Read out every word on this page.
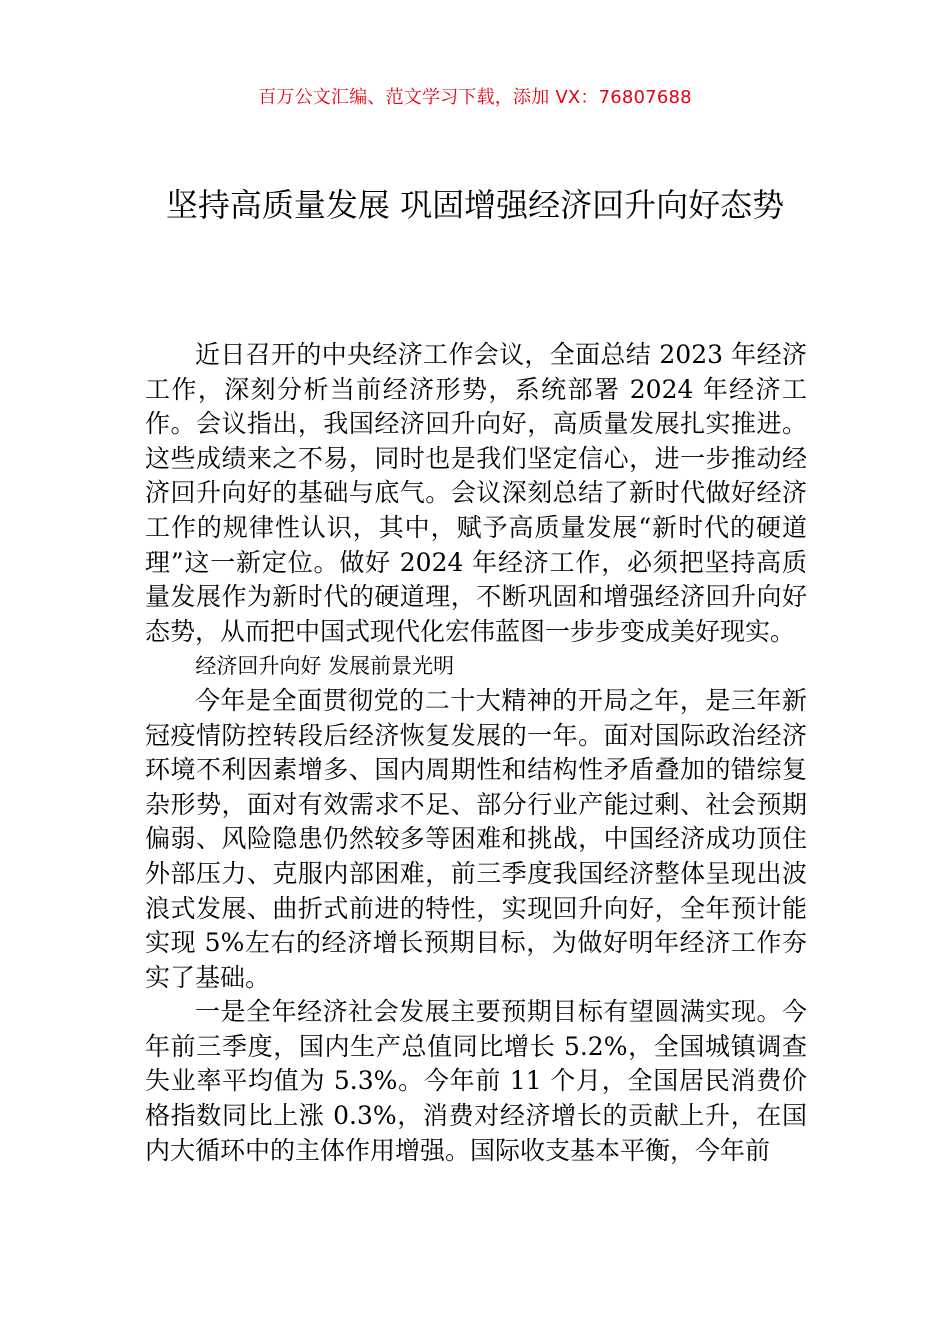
百万公文汇编、范文学习下载，添加 VX：76807688
坚持高质量发展 巩固增强经济回升向好态势

近日召开的中央经济工作会议，全面总结 2023 年经济工作，深刻分析当前经济形势，系统部署 2024 年经济工作。会议指出，我国经济回升向好，高质量发展扎实推进。这些成绩来之不易，同时也是我们坚定信心，进一步推动经济回升向好的基础与底气。会议深刻总结了新时代做好经济工作的规律性认识，其中，赋予高质量发展“新时代的硬道理”这一新定位。做好 2024 年经济工作，必须把坚持高质量发展作为新时代的硬道理，不断巩固和增强经济回升向好态势，从而把中国式现代化宏伟蓝图一步步变成美好现实。

经济回升向好 发展前景光明

今年是全面贯彻党的二十大精神的开局之年，是三年新冠疫情防控转段后经济恢复发展的一年。面对国际政治经济环境不利因素增多、国内周期性和结构性矛盾叠加的错综复杂形势，面对有效需求不足、部分行业产能过剩、社会预期偏弱、风险隐患仍然较多等困难和挑战，中国经济成功顶住外部压力、克服内部困难，前三季度我国经济整体呈现出波浪式发展、曲折式前进的特性，实现回升向好，全年预计能实现 5%左右的经济增长预期目标，为做好明年经济工作夯实了基础。

一是全年经济社会发展主要预期目标有望圆满实现。今年前三季度，国内生产总值同比增长 5.2%，全国城镇调查失业率平均值为 5.3%。今年前 11 个月，全国居民消费价格指数同比上涨 0.3%，消费对经济增长的贡献上升，在国内大循环中的主体作用增强。国际收支基本平衡，今年前
